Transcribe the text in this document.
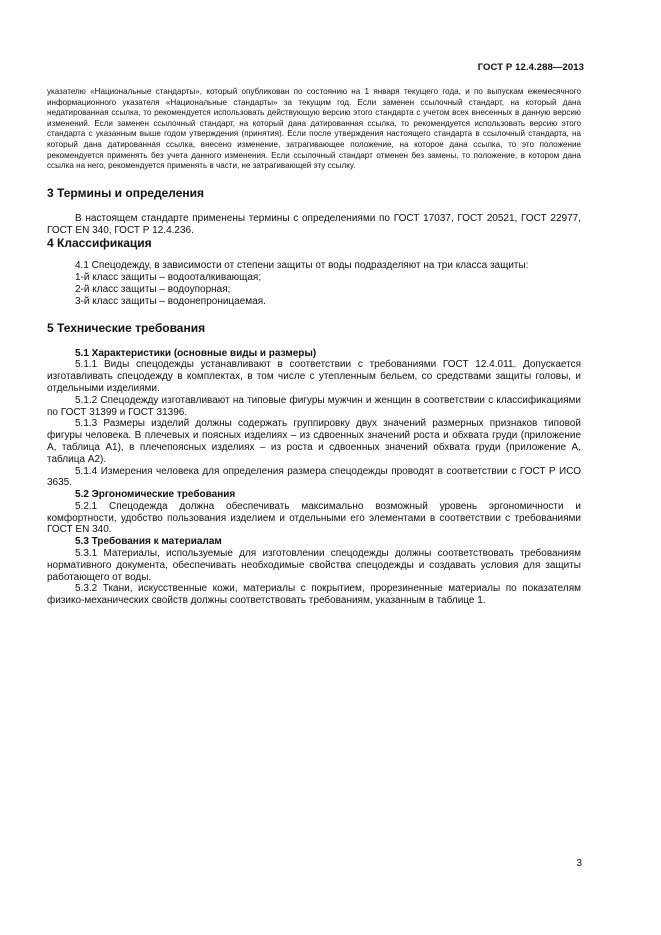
ГОСТ Р 12.4.288—2013

указателю «Национальные стандарты», который опубликован по состоянию на 1 января текущего года, и по выпускам ежемесячного информационного указателя «Национальные стандарты» за текущим год. Если заменен ссылочный стандарт, на который дана недатированная ссылка, то рекомендуется использовать действующую версию этого стандарта с учетом всех внесенных в данную версию изменений. Если заменен ссылочный стандарт, на который дана датированная ссылка, то рекомендуется использовать версию этого стандарта с указанным выше годом утверждения (принятия). Если после утверждения настоящего стандарта в ссылочный стандарта, на который дана датированная ссылка, внесено изменение, затрагивающее положение, на которое дана ссылка, то это положение рекомендуется применять без учета данного изменения. Если ссылочный стандарт отменен без замены, то положение, в котором дана ссылка на него, рекомендуется применять в части, не затрагивающей эту ссылку.

3 Термины и определения

В настоящем стандарте применены термины с определениями по ГОСТ 17037, ГОСТ 20521, ГОСТ 22977, ГОСТ EN 340, ГОСТ Р 12.4.236.

4 Классификация

4.1 Спецодежду, в зависимости от степени защиты от воды подразделяют на три класса защиты:

1-й класс защиты – водооталкивающая;

2-й класс защиты – водоупорная;

3-й класс защиты – водонепроницаемая.

5 Технические требования

5.1 Характеристики (основные виды и размеры)

5.1.1 Виды спецодежды устанавливают в соответствии с требованиями ГОСТ 12.4.011. Допускается изготавливать спецодежду в комплектах, в том числе с утепленным бельем, со средствами защиты головы, и отдельными изделиями.

5.1.2 Спецодежду изготавливают на типовые фигуры мужчин и женщин в соответствии с классификациями по ГОСТ 31399 и ГОСТ 31396.

5.1.3 Размеры изделий должны содержать группировку двух значений размерных признаков типовой фигуры человека. В плечевых и поясных изделиях – из сдвоенных значений роста и обхвата груди (приложение А, таблица А1), в плечепоясных изделиях – из роста и сдвоенных значений обхвата груди (приложение А, таблица А2).

5.1.4 Измерения человека для определения размера спецодежды проводят в соответствии с ГОСТ Р ИСО 3635.

5.2 Эргономические требования

5.2.1 Спецодежда должна обеспечивать максимально возможный уровень эргономичности и комфортности, удобство пользования изделием и отдельными его элементами в соответствии с требованиями ГОСТ EN 340.

5.3 Требования к материалам

5.3.1 Материалы, используемые для изготовлении спецодежды должны соответствовать требованиям нормативного документа, обеспечивать необходимые свойства спецодежды и создавать условия для защиты работающего от воды.

5.3.2 Ткани, искусственные кожи, материалы с покрытием, прорезиненные материалы по показателям физико-механических свойств должны соответствовать требованиям, указанным в таблице 1.

3
